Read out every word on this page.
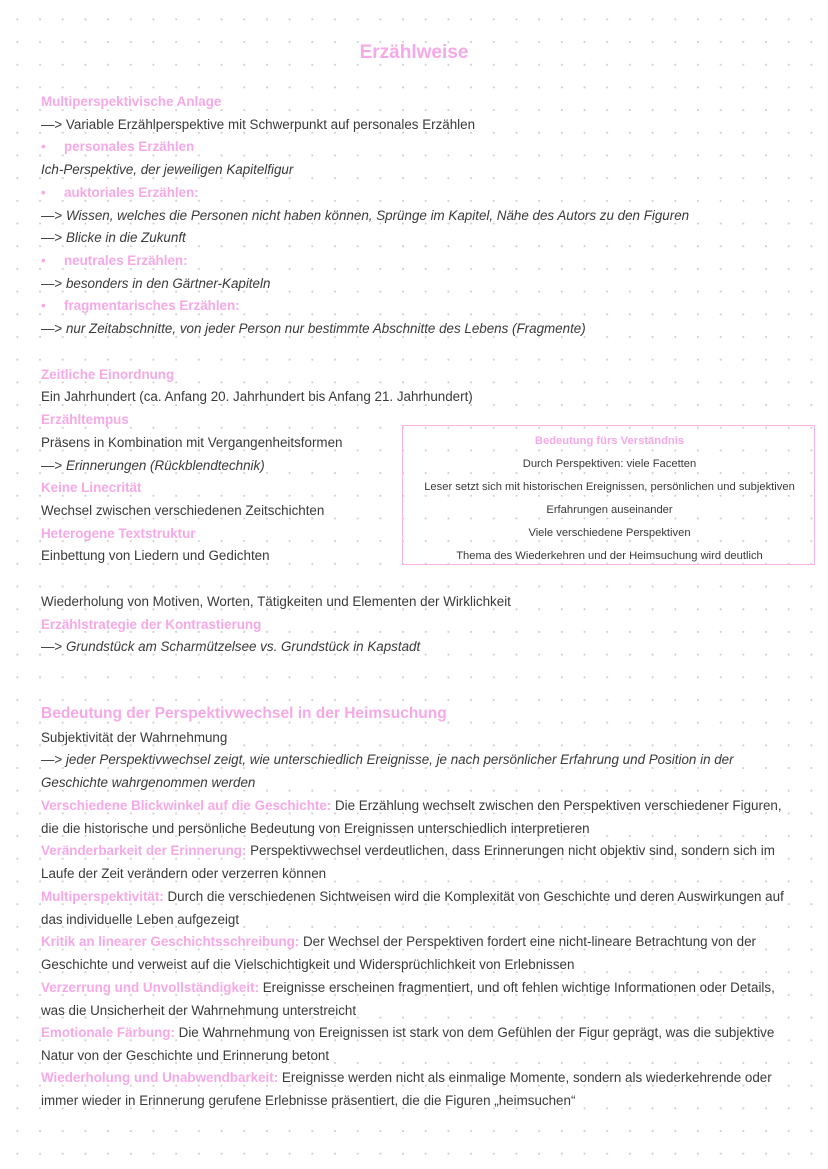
Erzählweise

Multiperspektivische Anlage

—> Variable Erzählperspektive mit Schwerpunkt auf personales Erzählen

• personales Erzählen

Ich-Perspektive, der jeweiligen Kapitelfigur

• auktoriales Erzählen:

—> Wissen, welches die Personen nicht haben können, Sprünge im Kapitel, Nähe des Autors zu den Figuren

—> Blicke in die Zukunft

• neutrales Erzählen:

—> besonders in den Gärtner-Kapiteln

• fragmentarisches Erzählen:

—> nur Zeitabschnitte, von jeder Person nur bestimmte Abschnitte des Lebens (Fragmente)

Zeitliche Einordnung

Ein Jahrhundert (ca. Anfang 20. Jahrhundert bis Anfang 21. Jahrhundert)

Erzähltempus

Präsens in Kombination mit Vergangenheitsformen

—> Erinnerungen (Rückblendtechnik)

Keine Linecrität

Wechsel zwischen verschiedenen Zeitschichten

Heterogene Textstruktur

Einbettung von Liedern und Gedichten

Wiederholung von Motiven, Worten, Tätigkeiten und Elementen der Wirklichkeit

Erzählstrategie der Kontrastierung

—> Grundstück am Scharmützelsee vs. Grundstück in Kapstadt

Bedeutung fürs Verständnis

Durch Perspektiven: viele Facetten

Leser setzt sich mit historischen Ereignissen, persönlichen und subjektiven

Erfahrungen auseinander

Viele verschiedene Perspektiven

Thema des Wiederkehren und der Heimsuchung wird deutlich

Bedeutung der Perspektivwechsel in der Heimsuchung

Subjektivität der Wahrnehmung

—> jeder Perspektivwechsel zeigt, wie unterschiedlich Ereignisse, je nach persönlicher Erfahrung und Position in der Geschichte wahrgenommen werden

Verschiedene Blickwinkel auf die Geschichte: Die Erzählung wechselt zwischen den Perspektiven verschiedener Figuren, die die historische und persönliche Bedeutung von Ereignissen unterschiedlich interpretieren

Veränderbarkeit der Erinnerung: Perspektivwechsel verdeutlichen, dass Erinnerungen nicht objektiv sind, sondern sich im Laufe der Zeit verändern oder verzerren können

Multiperspektivität: Durch die verschiedenen Sichtweisen wird die Komplexität von Geschichte und deren Auswirkungen auf das individuelle Leben aufgezeigt

Kritik an linearer Geschichtsschreibung: Der Wechsel der Perspektiven fordert eine nicht-lineare Betrachtung von der Geschichte und verweist auf die Vielschichtigkeit und Widersprüchlichkeit von Erlebnissen

Verzerrung und Unvollständigkeit: Ereignisse erscheinen fragmentiert, und oft fehlen wichtige Informationen oder Details, was die Unsicherheit der Wahrnehmung unterstreicht

Emotionale Färbung: Die Wahrnehmung von Ereignissen ist stark von dem Gefühlen der Figur geprägt, was die subjektive Natur von der Geschichte und Erinnerung betont

Wiederholung und Unabwendbarkeit: Ereignisse werden nicht als einmalige Momente, sondern als wiederkehrende oder immer wieder in Erinnerung gerufene Erlebnisse präsentiert, die die Figuren „heimsuchen“
